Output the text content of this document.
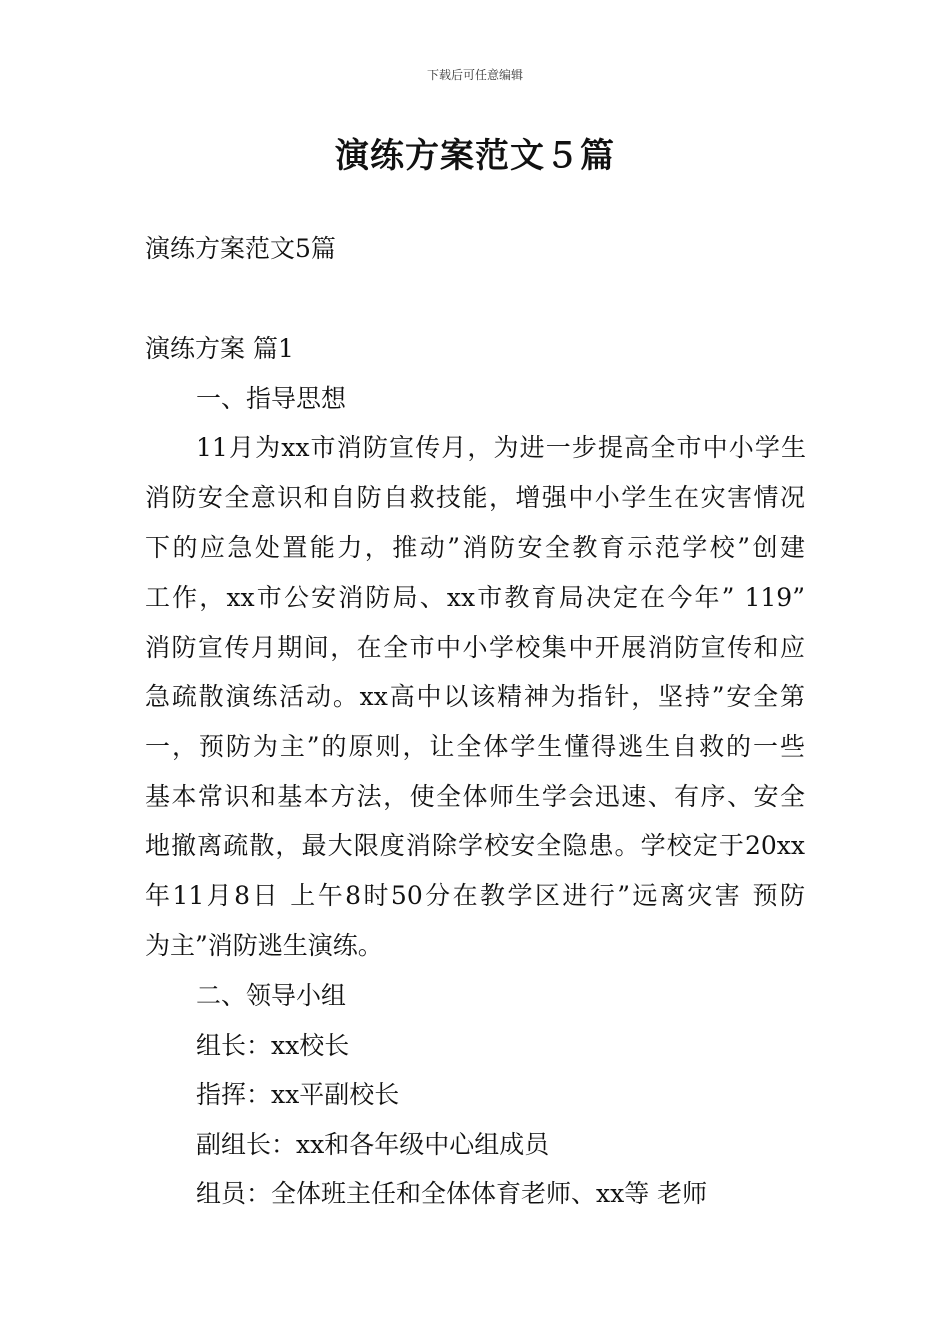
下载后可任意编辑
演练方案范文５篇
演练方案范文5篇
演练方案 篇1
一、指导思想
11月为xx市消防宣传月，为进一步提高全市中小学生
消防安全意识和自防自救技能，增强中小学生在灾害情况
下的应急处置能力，推动”消防安全教育示范学校”创建
工作，xx市公安消防局、xx市教育局决定在今年” 119”
消防宣传月期间，在全市中小学校集中开展消防宣传和应
急疏散演练活动。xx高中以该精神为指针，坚持”安全第
一，预防为主”的原则，让全体学生懂得逃生自救的一些
基本常识和基本方法，使全体师生学会迅速、有序、安全
地撤离疏散，最大限度消除学校安全隐患。学校定于20xx
年11月8日 上午8时50分在教学区进行”远离灾害 预防
为主”消防逃生演练。
二、领导小组
组长：xx校长
指挥：xx平副校长
副组长：xx和各年级中心组成员
组员：全体班主任和全体体育老师、xx等 老师
